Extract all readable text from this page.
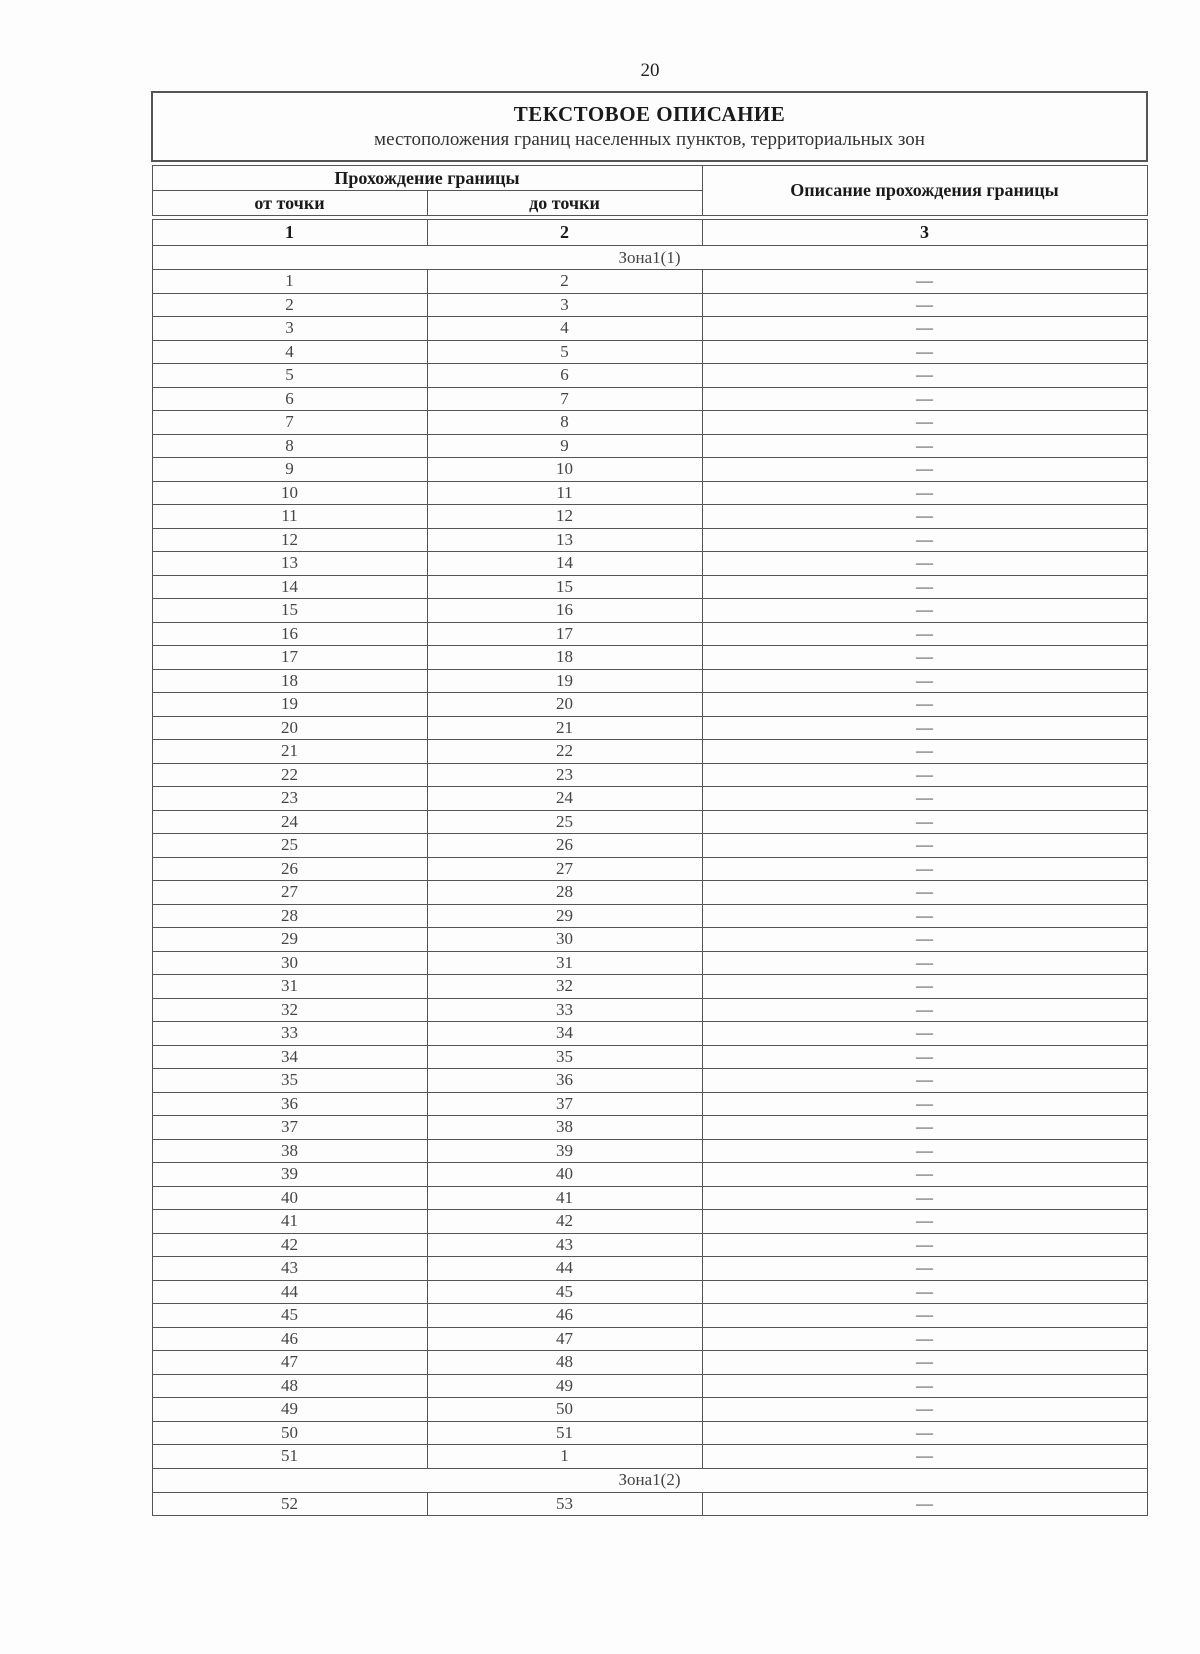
20
ТЕКСТОВОЕ ОПИСАНИЕ
местоположения границ населенных пунктов, территориальных зон		

Прохождение границы		Описание прохождения границы
от точки	до точки	

1	2	3
Зона1(1)		
1	2	—
2	3	—
3	4	—
4	5	—
5	6	—
6	7	—
7	8	—
8	9	—
9	10	—
10	11	—
11	12	—
12	13	—
13	14	—
14	15	—
15	16	—
16	17	—
17	18	—
18	19	—
19	20	—
20	21	—
21	22	—
22	23	—
23	24	—
24	25	—
25	26	—
26	27	—
27	28	—
28	29	—
29	30	—
30	31	—
31	32	—
32	33	—
33	34	—
34	35	—
35	36	—
36	37	—
37	38	—
38	39	—
39	40	—
40	41	—
41	42	—
42	43	—
43	44	—
44	45	—
45	46	—
46	47	—
47	48	—
48	49	—
49	50	—
50	51	—
51	1	—
Зона1(2)		
52	53	—
